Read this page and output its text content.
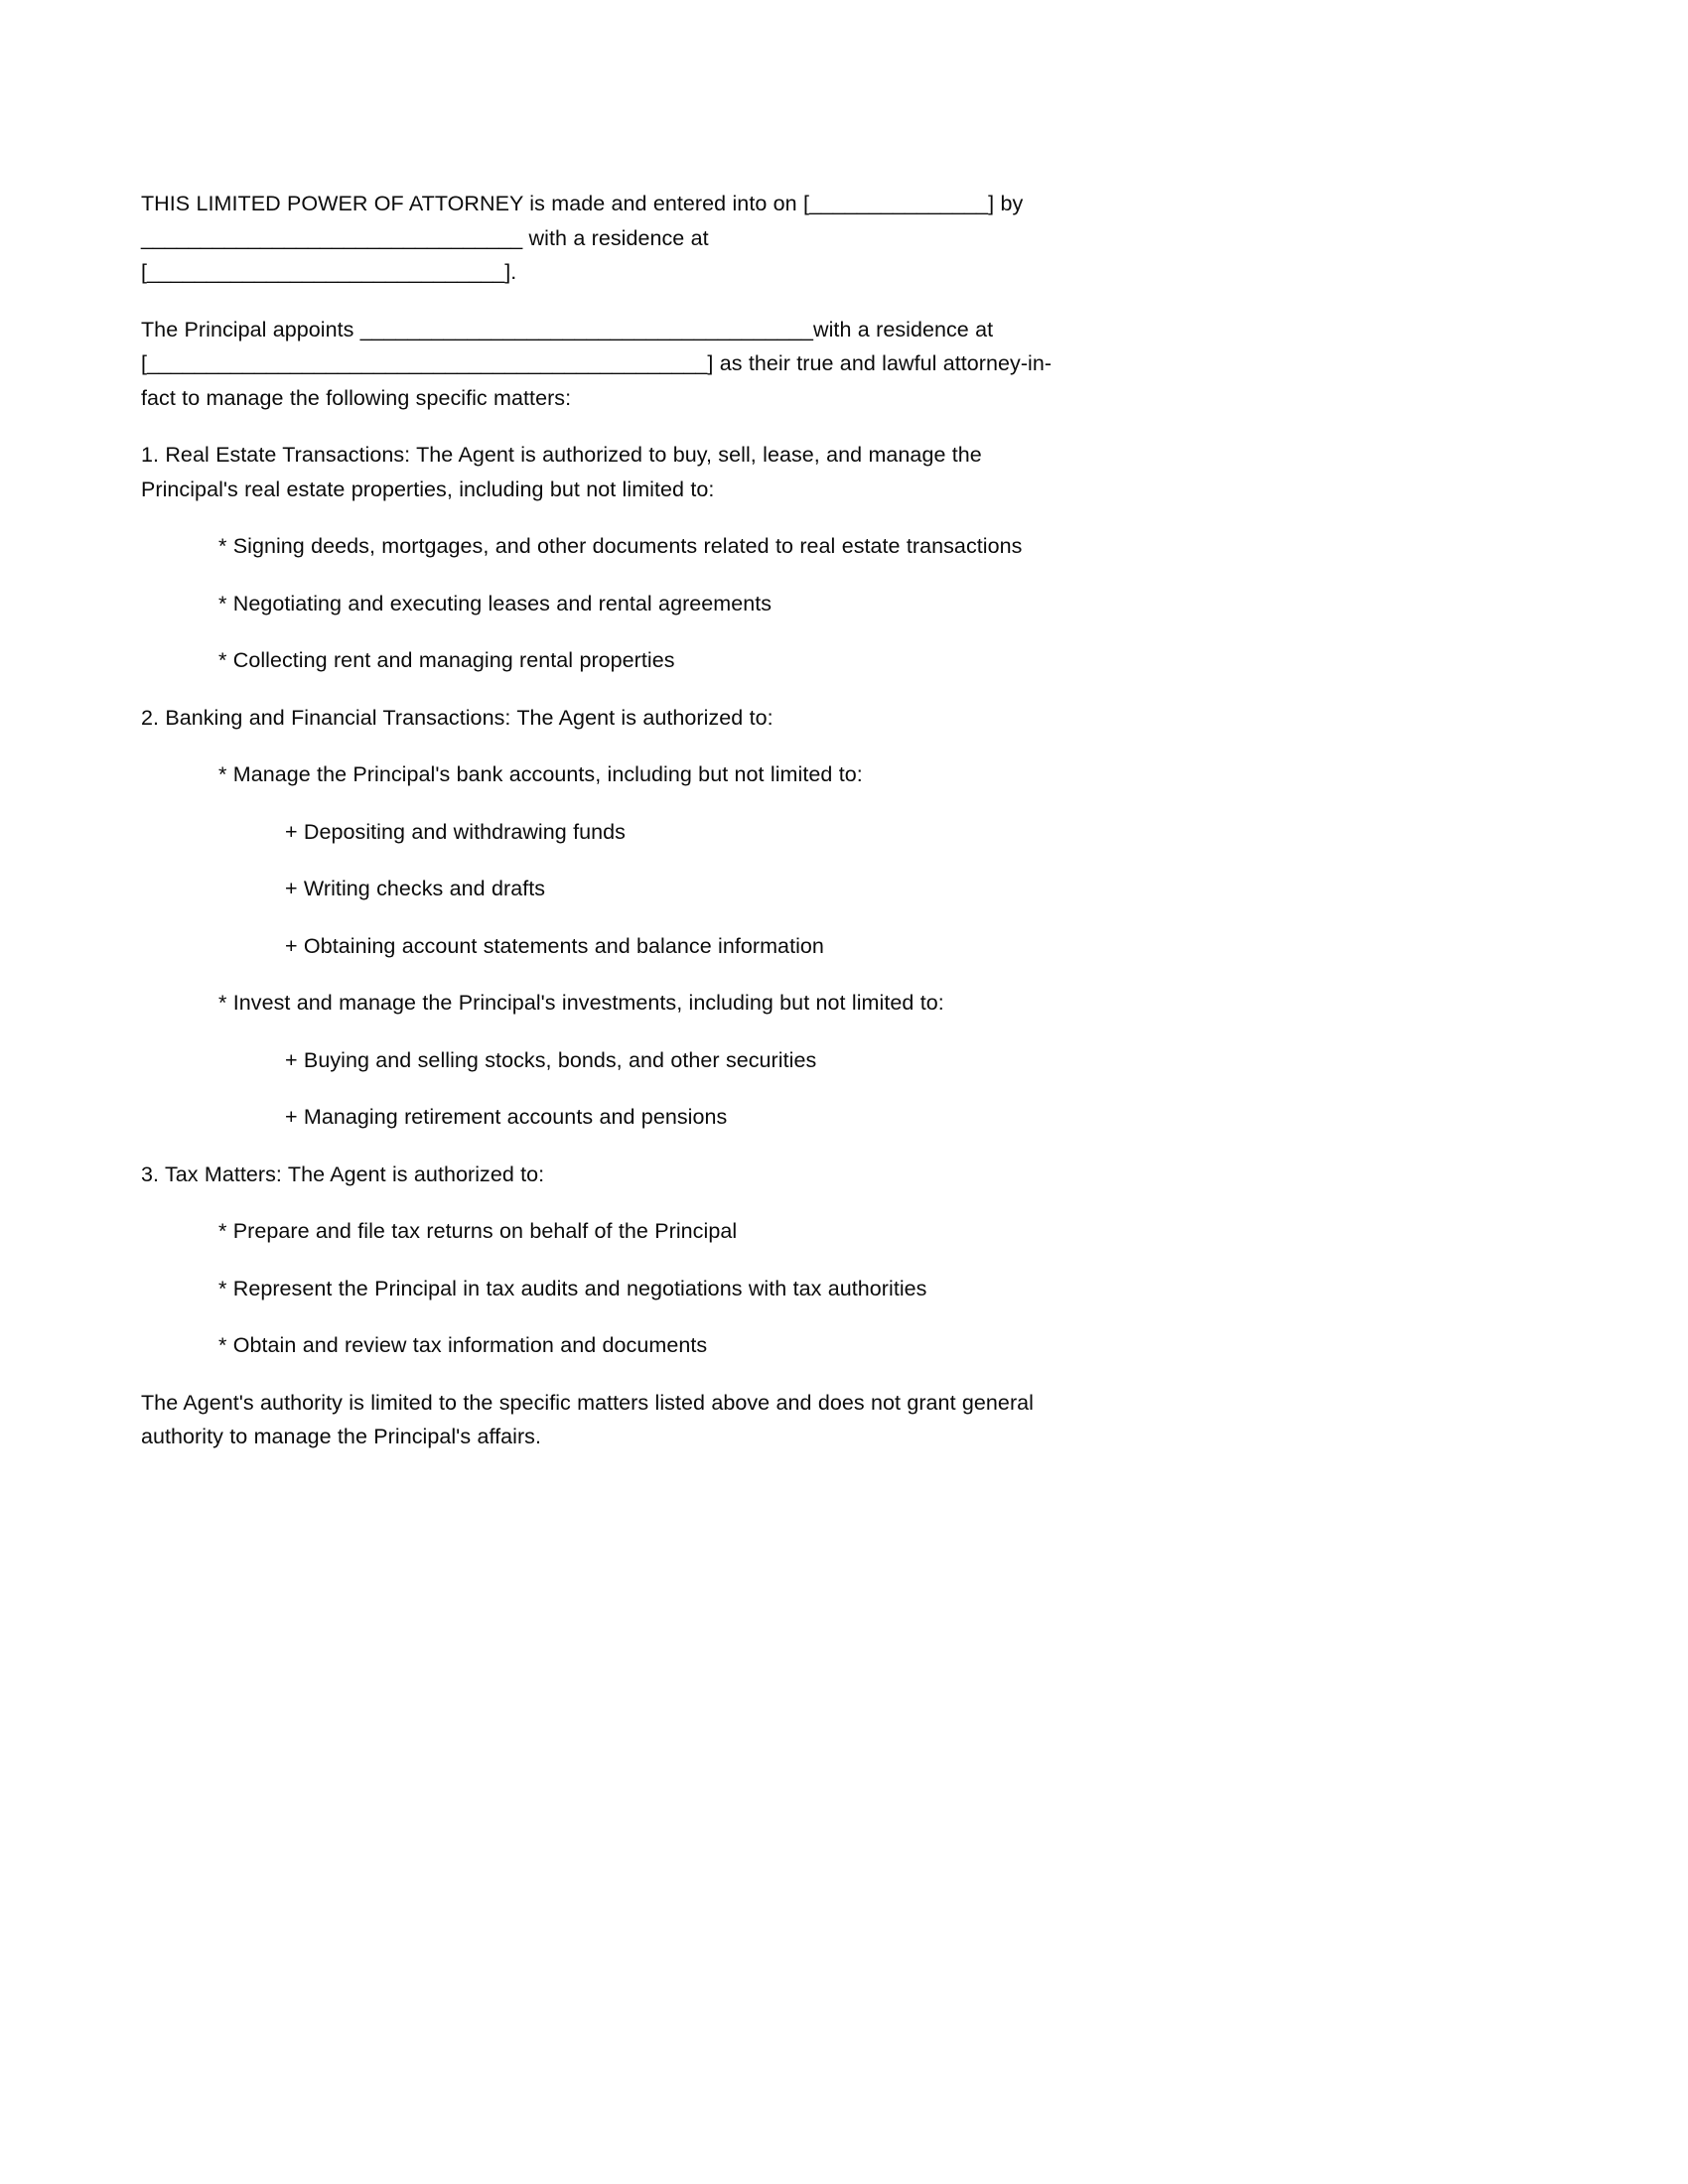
THIS LIMITED POWER OF ATTORNEY is made and entered into on [_______________] by ________________________________ with a residence at [______________________________].

The Principal appoints ______________________________________with a residence at [_______________________________________________] as their true and lawful attorney-in-fact to manage the following specific matters:

1. Real Estate Transactions: The Agent is authorized to buy, sell, lease, and manage the Principal's real estate properties, including but not limited to:

* Signing deeds, mortgages, and other documents related to real estate transactions

* Negotiating and executing leases and rental agreements

* Collecting rent and managing rental properties

2. Banking and Financial Transactions: The Agent is authorized to:

* Manage the Principal's bank accounts, including but not limited to:

+ Depositing and withdrawing funds

+ Writing checks and drafts

+ Obtaining account statements and balance information

* Invest and manage the Principal's investments, including but not limited to:

+ Buying and selling stocks, bonds, and other securities

+ Managing retirement accounts and pensions

3. Tax Matters: The Agent is authorized to:

* Prepare and file tax returns on behalf of the Principal

* Represent the Principal in tax audits and negotiations with tax authorities

* Obtain and review tax information and documents

The Agent's authority is limited to the specific matters listed above and does not grant general authority to manage the Principal's affairs.
